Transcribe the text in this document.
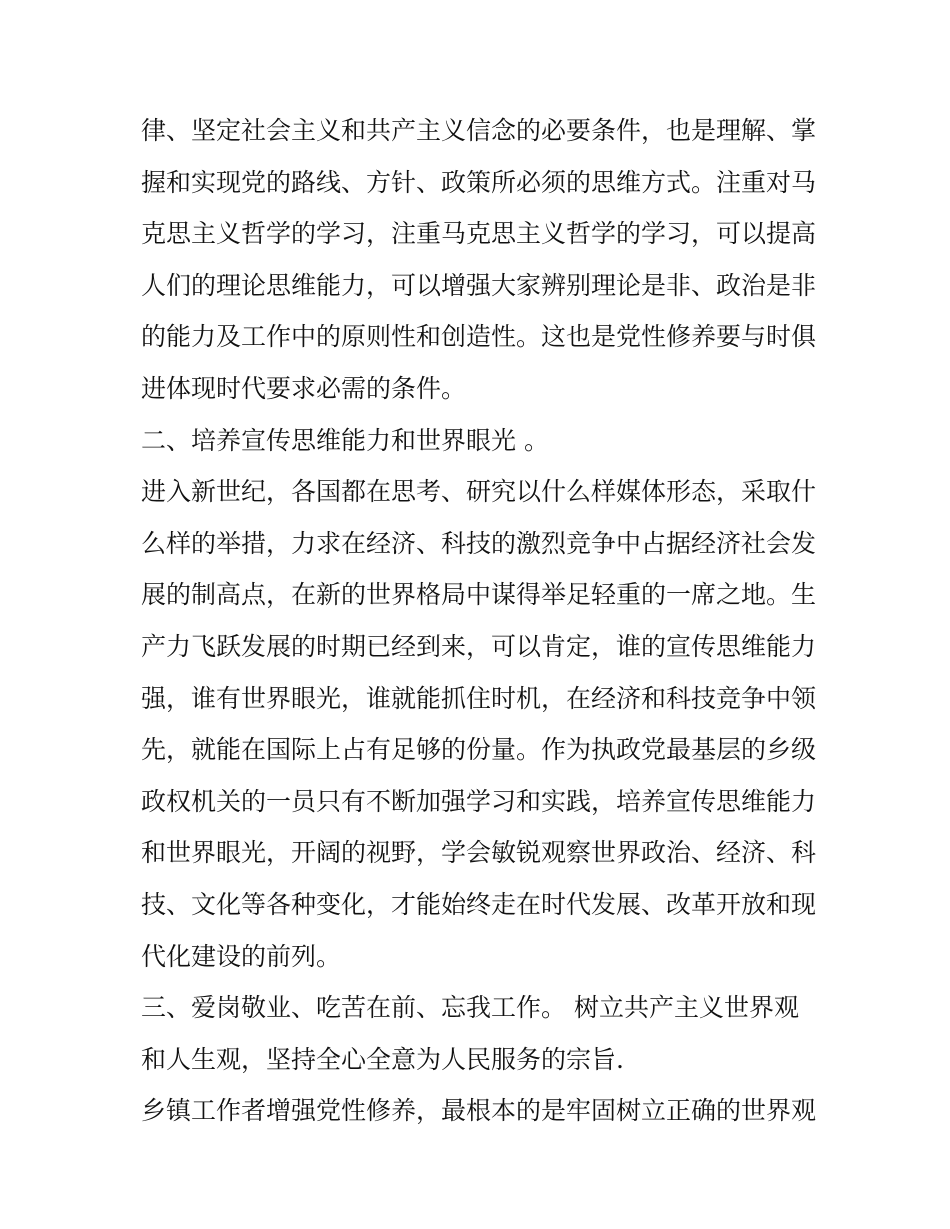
律、坚定社会主义和共产主义信念的必要条件，也是理解、掌
握和实现党的路线、方针、政策所必须的思维方式。注重对马
克思主义哲学的学习，注重马克思主义哲学的学习，可以提高
人们的理论思维能力，可以增强大家辨别理论是非、政治是非
的能力及工作中的原则性和创造性。这也是党性修养要与时俱
进体现时代要求必需的条件。
二、培养宣传思维能力和世界眼光 。
进入新世纪，各国都在思考、研究以什么样媒体形态，采取什
么样的举措，力求在经济、科技的激烈竞争中占据经济社会发
展的制高点，在新的世界格局中谋得举足轻重的一席之地。生
产力飞跃发展的时期已经到来，可以肯定，谁的宣传思维能力
强，谁有世界眼光，谁就能抓住时机，在经济和科技竞争中领
先，就能在国际上占有足够的份量。作为执政党最基层的乡级
政权机关的一员只有不断加强学习和实践，培养宣传思维能力
和世界眼光，开阔的视野，学会敏锐观察世界政治、经济、科
技、文化等各种变化，才能始终走在时代发展、改革开放和现
代化建设的前列。
三、爱岗敬业、吃苦在前、忘我工作。 树立共产主义世界观
和人生观，坚持全心全意为人民服务的宗旨.
乡镇工作者增强党性修养，最根本的是牢固树立正确的世界观
